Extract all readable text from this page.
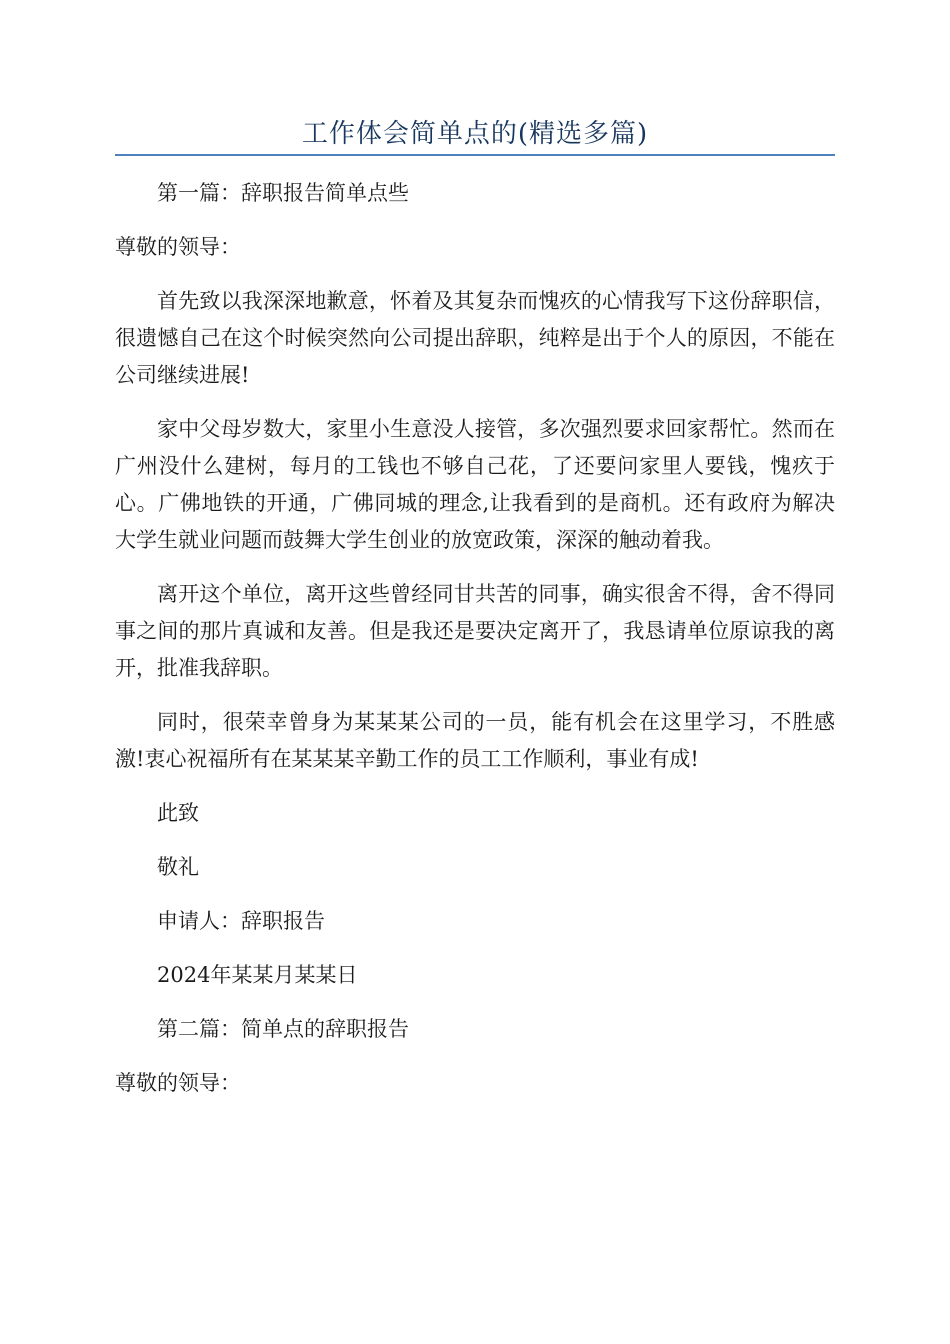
工作体会简单点的(精选多篇)

第一篇：辞职报告简单点些

尊敬的领导：

首先致以我深深地歉意，怀着及其复杂而愧疚的心情我写下这份辞职信，很遗憾自己在这个时候突然向公司提出辞职，纯粹是出于个人的原因，不能在公司继续进展!

家中父母岁数大，家里小生意没人接管，多次强烈要求回家帮忙。然而在广州没什么建树，每月的工钱也不够自己花，了还要问家里人要钱，愧疚于心。广佛地铁的开通，广佛同城的理念,让我看到的是商机。还有政府为解决大学生就业问题而鼓舞大学生创业的放宽政策，深深的触动着我。

离开这个单位，离开这些曾经同甘共苦的同事，确实很舍不得，舍不得同事之间的那片真诚和友善。但是我还是要决定离开了，我恳请单位原谅我的离开，批准我辞职。

同时，很荣幸曾身为某某某公司的一员，能有机会在这里学习，不胜感激!衷心祝福所有在某某某辛勤工作的员工工作顺利，事业有成!

此致

敬礼

申请人：辞职报告

2024年某某月某某日

第二篇：简单点的辞职报告

尊敬的领导：
